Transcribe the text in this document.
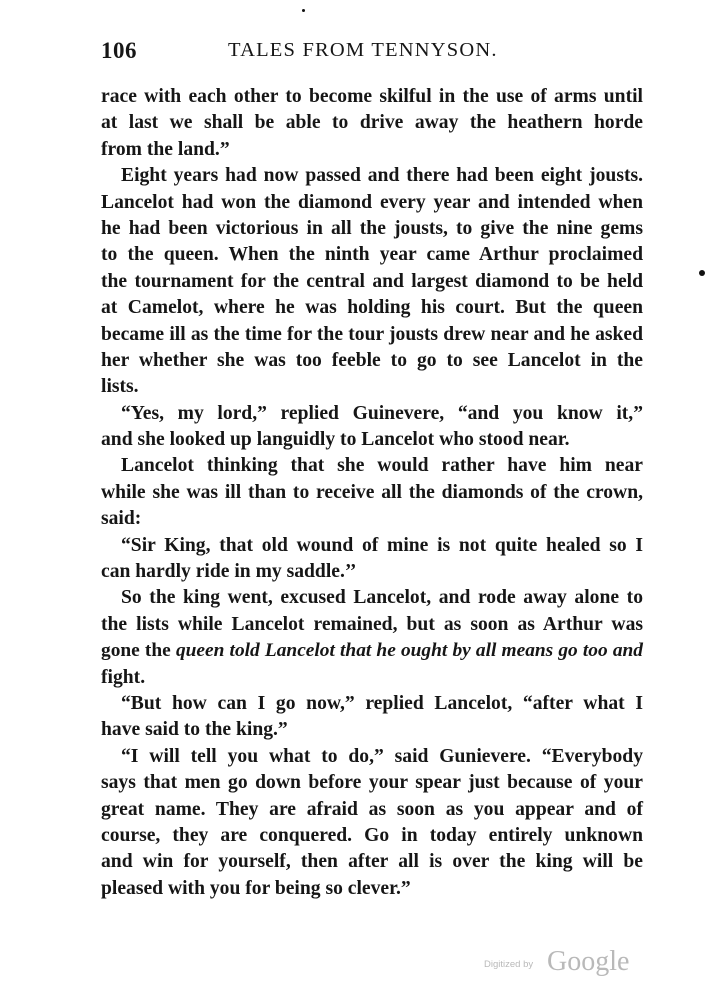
106	TALES FROM TENNYSON.
race with each other to become skilful in the use of arms until
at last we shall be able to drive away the heathern horde
from the land.”
Eight years had now passed and there had been eight jousts.
Lancelot had won the diamond every year and intended when
he had been victorious in all the jousts, to give the nine gems
to the queen. When the ninth year came Arthur proclaimed
the tournament for the central and largest diamond to be held
at Camelot, where he was holding his court. But the queen
became ill as the time for the tour jousts drew near and he asked
her whether she was too feeble to go to see Lancelot in the
lists.
“Yes, my lord,” replied Guinevere, “and you know it,”
and she looked up languidly to Lancelot who stood near.
Lancelot thinking that she would rather have him near
while she was ill than to receive all the diamonds of the crown,
said:
“Sir King, that old wound of mine is not quite healed so I
can hardly ride in my saddle.’’
So the king went, excused Lancelot, and rode away alone to
the lists while Lancelot remained, but as soon as Arthur was
gone the queen told Lancelot that he ought by all means go too and
fight.
“But how can I go now,” replied Lancelot, “after what I
have said to the king.”
“I will tell you what to do,” said Gunievere. “Everybody
says that men go down before your spear just because of your
great name. They are afraid as soon as you appear and of
course, they are conquered. Go in today entirely unknown
and win for yourself, then after all is over the king will be
pleased with you for being so clever.”
Digitized by Google
